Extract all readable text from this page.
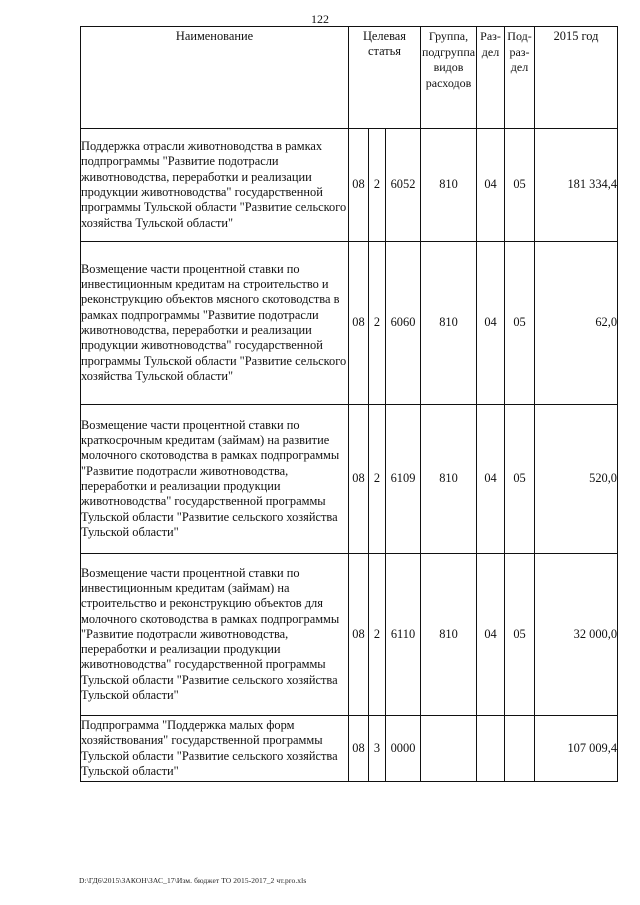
122
Наименование	Целевая статья			Группа, подгруппа видов расходов	Раз-дел	Под-раз-дел	2015 год
Поддержка отрасли животноводства в рамках подпрограммы "Развитие подотрасли животноводства, переработки и реализации продукции животноводства" государственной программы Тульской области "Развитие сельского хозяйства Тульской области"	08	2	6052	810	04	05	181 334,4
Возмещение части процентной ставки по инвестиционным кредитам на строительство и реконструкцию объектов мясного скотоводства в рамках подпрограммы "Развитие подотрасли животноводства, переработки и реализации продукции животноводства" государственной программы Тульской области "Развитие сельского хозяйства Тульской области"	08	2	6060	810	04	05	62,0
Возмещение части процентной ставки по краткосрочным кредитам (займам) на развитие молочного скотоводства в рамках подпрограммы "Развитие подотрасли животноводства, переработки и реализации продукции животноводства" государственной программы Тульской области "Развитие сельского хозяйства Тульской области"	08	2	6109	810	04	05	520,0
Возмещение части процентной ставки по инвестиционным кредитам (займам) на строительство и реконструкцию объектов для молочного скотоводства в рамках подпрограммы "Развитие подотрасли животноводства, переработки и реализации продукции животноводства" государственной программы Тульской области "Развитие сельского хозяйства Тульской области"	08	2	6110	810	04	05	32 000,0
Подпрограмма "Поддержка малых форм хозяйствования" государственной программы Тульской области "Развитие сельского хозяйства Тульской области"	08	3	0000				107 009,4
D:\ГД6\2015\ЗАКОН\ЗАС_17\Изм. бюджет ТО 2015-2017_2 чт.pro.xls
